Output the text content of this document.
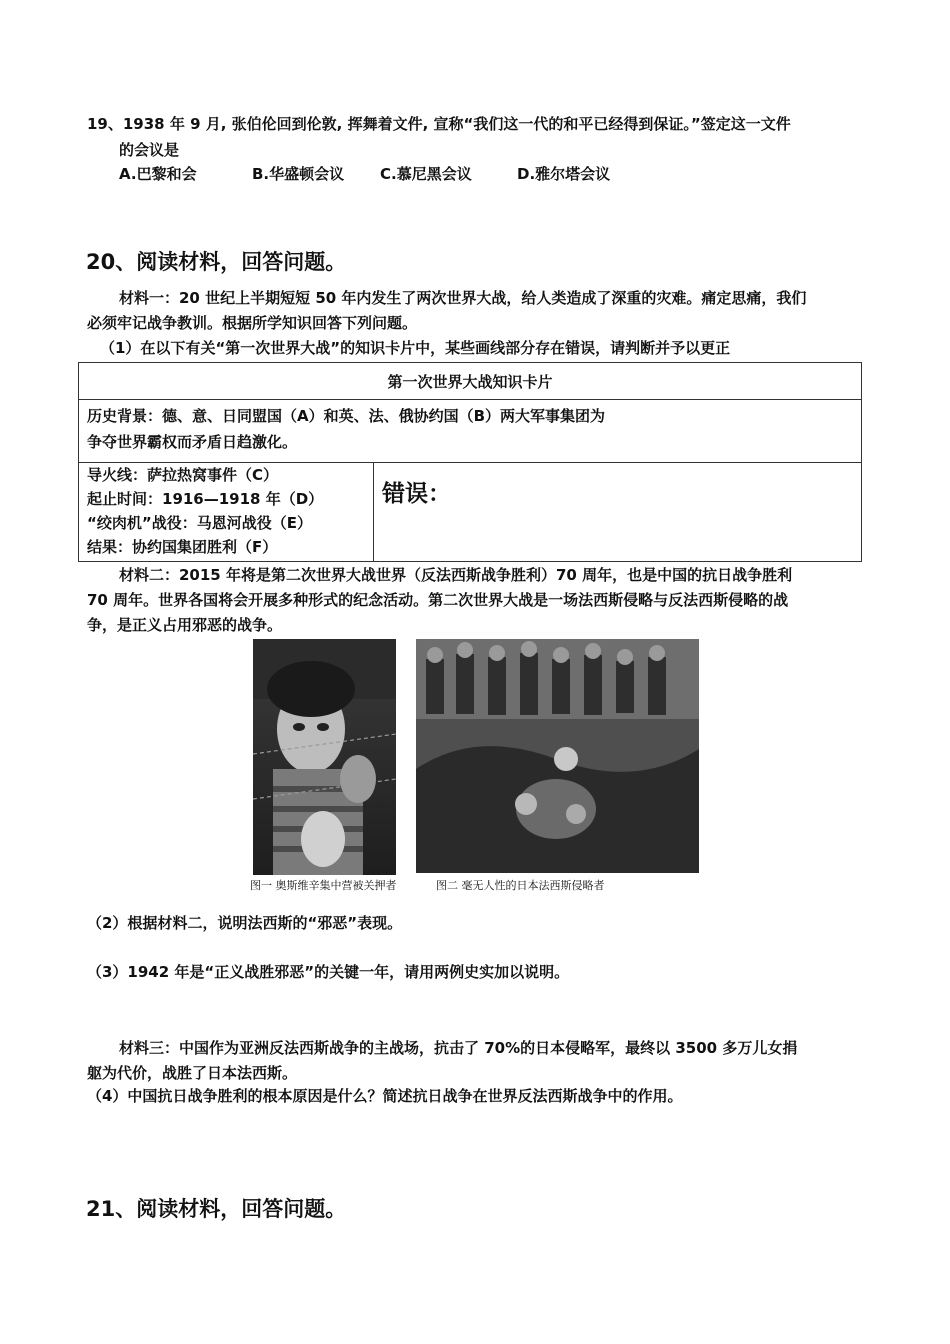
19、1938 年 9 月, 张伯伦回到伦敦, 挥舞着文件, 宣称“我们这一代的和平已经得到保证。”签定这一文件
的会议是
A.巴黎和会	B.华盛顿会议 C.慕尼黑会议	D.雅尔塔会议
20、阅读材料，回答问题。
材料一：20 世纪上半期短短 50 年内发生了两次世界大战，给人类造成了深重的灾难。痛定思痛，我们
必须牢记战争教训。根据所学知识回答下列问题。
（1）在以下有关“第一次世界大战”的知识卡片中，某些画线部分存在错误，请判断并予以更正
第一次世界大战知识卡片

历史背景：德、意、日同盟国（A）和英、法、俄协约国（B）两大军事集团为
争夺世界霸权而矛盾日趋激化。

导火线：萨拉热窝事件（C）
起止时间：1916—1918 年（D）
“绞肉机”战役：马恩河战役（E）
结果：协约国集团胜利（F）
	错误：
材料二：2015 年将是第二次世界大战世界（反法西斯战争胜利）70 周年，也是中国的抗日战争胜利
70 周年。世界各国将会开展多种形式的纪念活动。第二次世界大战是一场法西斯侵略与反法西斯侵略的战
争，是正义占用邪恶的战争。
图一 奥斯维辛集中营被关押者	图二 毫无人性的日本法西斯侵略者
（2）根据材料二，说明法西斯的“邪恶”表现。
（3）1942 年是“正义战胜邪恶”的关键一年，请用两例史实加以说明。
材料三：中国作为亚洲反法西斯战争的主战场，抗击了 70%的日本侵略军，最终以 3500 多万儿女捐
躯为代价，战胜了日本法西斯。
（4）中国抗日战争胜利的根本原因是什么？简述抗日战争在世界反法西斯战争中的作用。
21、阅读材料，回答问题。
